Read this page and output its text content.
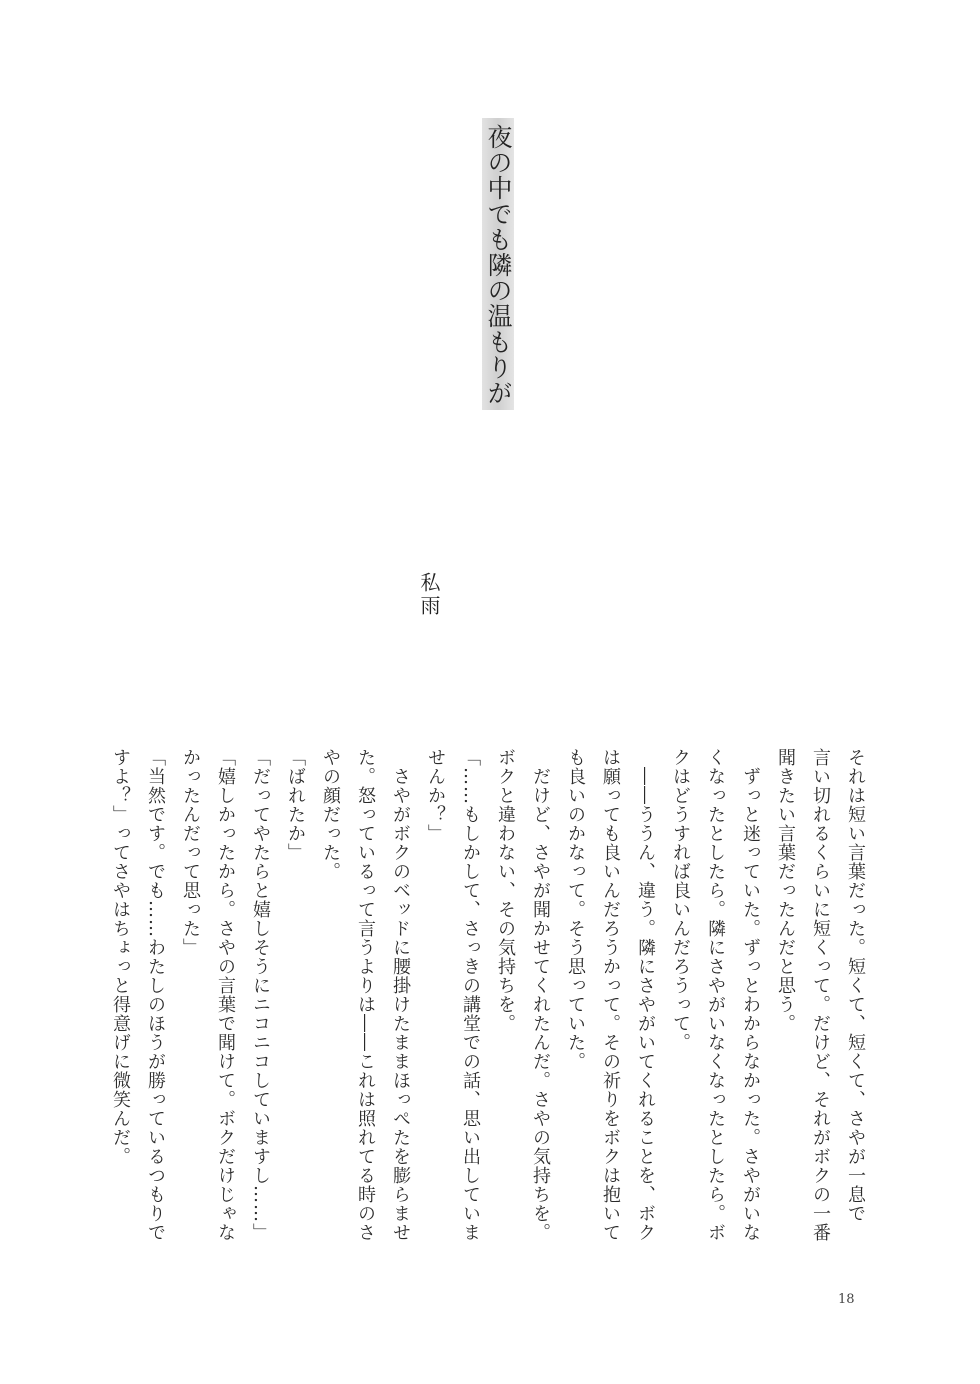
夜の中でも隣の温もりが
私雨
それは短い言葉だった。短くて、短くて、さやが一息で
言い切れるくらいに短くって。だけど、それがボクの一番
聞きたい言葉だったんだと思う。
　ずっと迷っていた。ずっとわからなかった。さやがいな
くなったとしたら。隣にさやがいなくなったとしたら。ボ
クはどうすれば良いんだろうって。
　――ううん、違う。隣にさやがいてくれることを、ボク
は願っても良いんだろうかって。その祈りをボクは抱いて
も良いのかなって。そう思っていた。
　だけど、さやが聞かせてくれたんだ。さやの気持ちを。
ボクと違わない、その気持ちを。
「……もしかして、さっきの講堂での話、思い出していま
せんか？」
　さやがボクのベッドに腰掛けたままほっぺたを膨らませ
た。怒っているって言うよりは――これは照れてる時のさ
やの顔だった。
「ばれたか」
「だってやたらと嬉しそうにニコニコしていますし……」
「嬉しかったから。さやの言葉で聞けて。ボクだけじゃな
かったんだって思った」
「当然です。でも……わたしのほうが勝っているつもりで
すよ？」ってさやはちょっと得意げに微笑んだ。
18
